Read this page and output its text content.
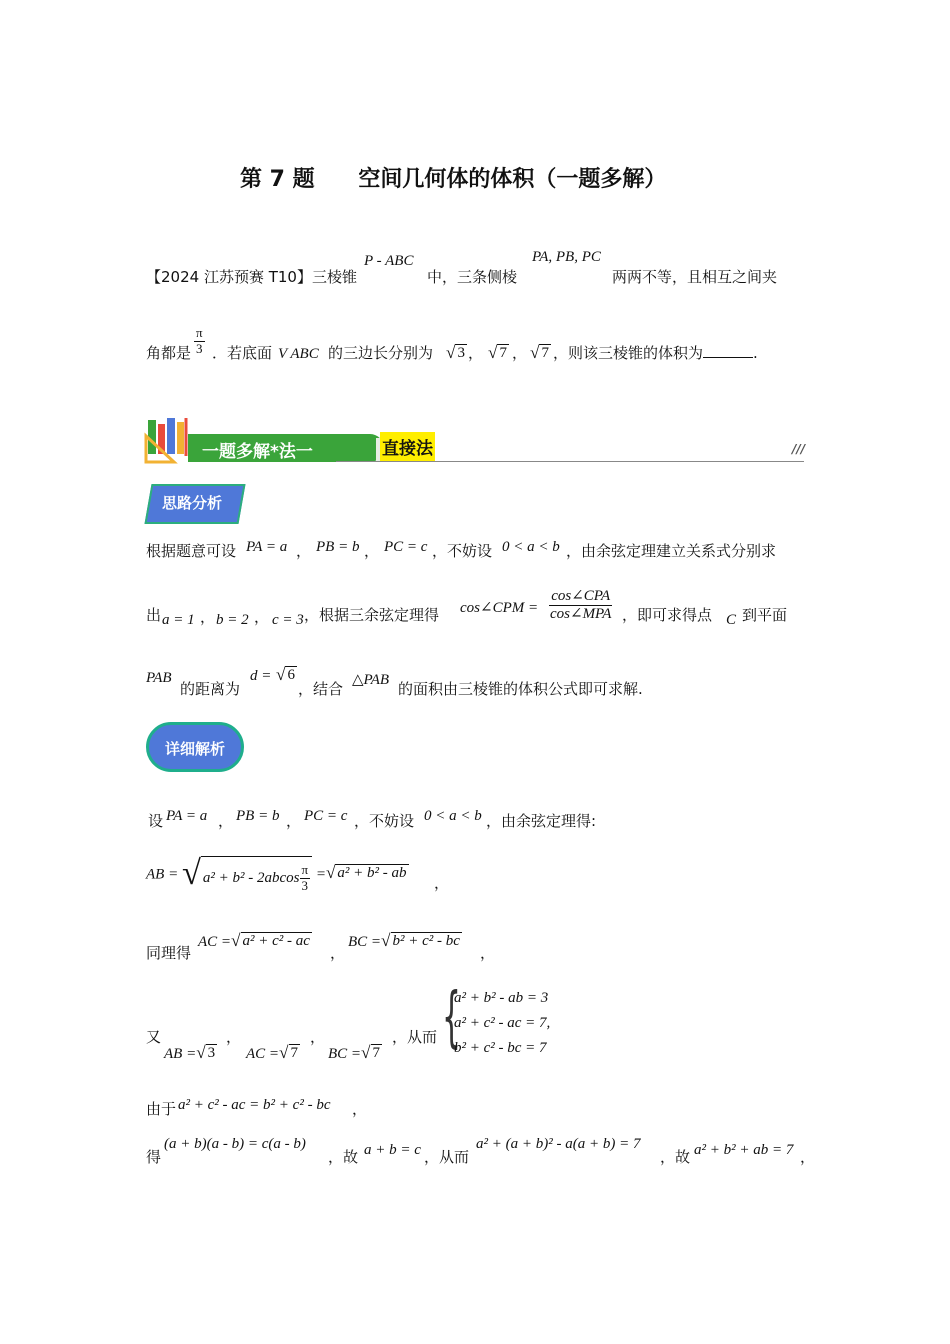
第 7 题 空间几何体的体积（一题多解）
【2024 江苏预赛 T10】三棱锥
P - ABC
中，三条侧棱
PA, PB, PC
两两不等，且相互之间夹
角都是 $\frac{\pi}{3}$ ．若底面 V ABC 的三边长分别为 √ 3 ， √ 7 ， √ 7 ，则该三棱锥的体积为	.
一题多解*法一	直接法	///
思路分析
根据题意可设 PA = a ， PB = b ， PC = c ，不妨设 0 < a < b ，由余弦定理建立关系式分别求
出 a = 1 ， b = 2 ， c = 3 ，根据三余弦定理得 cos∠CPM = $\frac{\text{cos∠CPA}}{\text{cos∠MPA}}$ ，即可求得点 C 到平面
PAB
的距离为
d = √ 6
，结合 △PAB 的面积由三棱锥的体积公式即可求解.
详细解析
设 PA = a ， PB = b ， PC = c ，不妨设 0 < a < b ，由余弦定理得:
AB = √ $a^2 + b^2 - 2abcos \frac{\pi}{3}$ = √ a² + b² - ab
，
同理得
AC = √ a² + c² - ac
，
BC = √ b² + c² - bc
，
又
AB = √ 3
，
AC = √ 7
，
BC = √ 7
，从而 {
a² + b² - ab = 3
a² + c² - ac = 7,
b² + c² - bc = 7
由于 a² + c² - ac = b² + c² - bc ，
得
(a + b)(a - b) = c(a - b)
，故 a + b = c ，从而
a² + (a + b)² - a(a + b) = 7
，故 a² + b² + ab = 7 ，
